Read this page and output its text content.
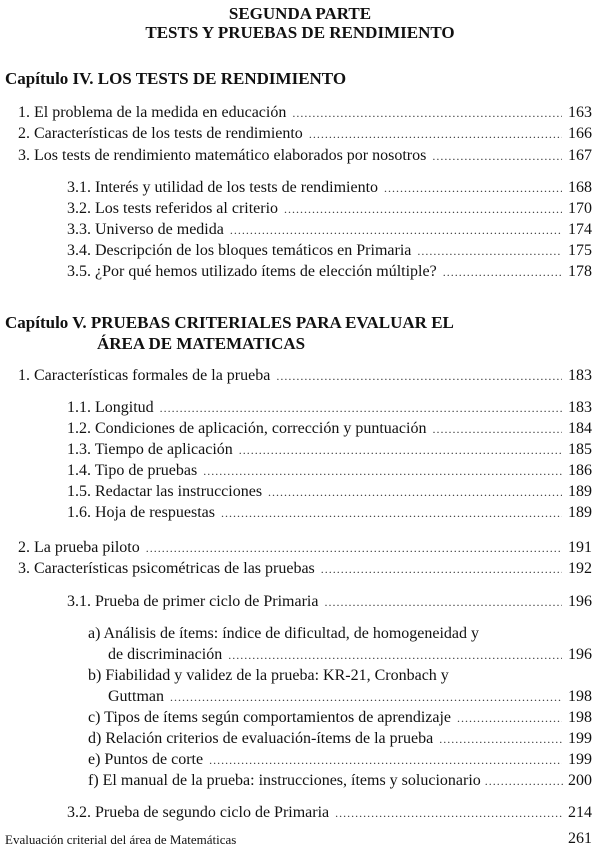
SEGUNDA PARTE
TESTS Y PRUEBAS DE RENDIMIENTO
Capítulo IV. LOS TESTS DE RENDIMIENTO
1. El problema de la medida en educación .....	163
2. Características de los tests de rendimiento .....	166
3. Los tests de rendimiento matemático elaborados por nosotros .....	167
3.1. Interés y utilidad de los tests de rendimiento .....	168
3.2. Los tests referidos al criterio .....	170
3.3. Universo de medida .....	174
3.4. Descripción de los bloques temáticos en Primaria .....	175
3.5. ¿Por qué hemos utilizado ítems de elección múltiple? .....	178
Capítulo V. PRUEBAS CRITERIALES PARA EVALUAR EL
ÁREA DE MATEMATICAS
1. Características formales de la prueba .....	183
1.1. Longitud .....	183
1.2. Condiciones de aplicación, corrección y puntuación .....	184
1.3. Tiempo de aplicación .....	185
1.4. Tipo de pruebas .....	186
1.5. Redactar las instrucciones .....	189
1.6. Hoja de respuestas .....	189
2. La prueba piloto .....	191
3. Características psicométricas de las pruebas .....	192
3.1. Prueba de primer ciclo de Primaria .....	196
a) Análisis de ítems: índice de dificultad, de homogeneidad y
de discriminación .....	196
b) Fiabilidad y validez de la prueba: KR-21, Cronbach y
Guttman .....	198
c) Tipos de ítems según comportamientos de aprendizaje .....	198
d) Relación criterios de evaluación-ítems de la prueba .....	199
e) Puntos de corte .....	199
f) El manual de la prueba: instrucciones, ítems y solucionario .....	200
3.2. Prueba de segundo ciclo de Primaria .....	214
Evaluación criterial del área de Matemáticas	261
